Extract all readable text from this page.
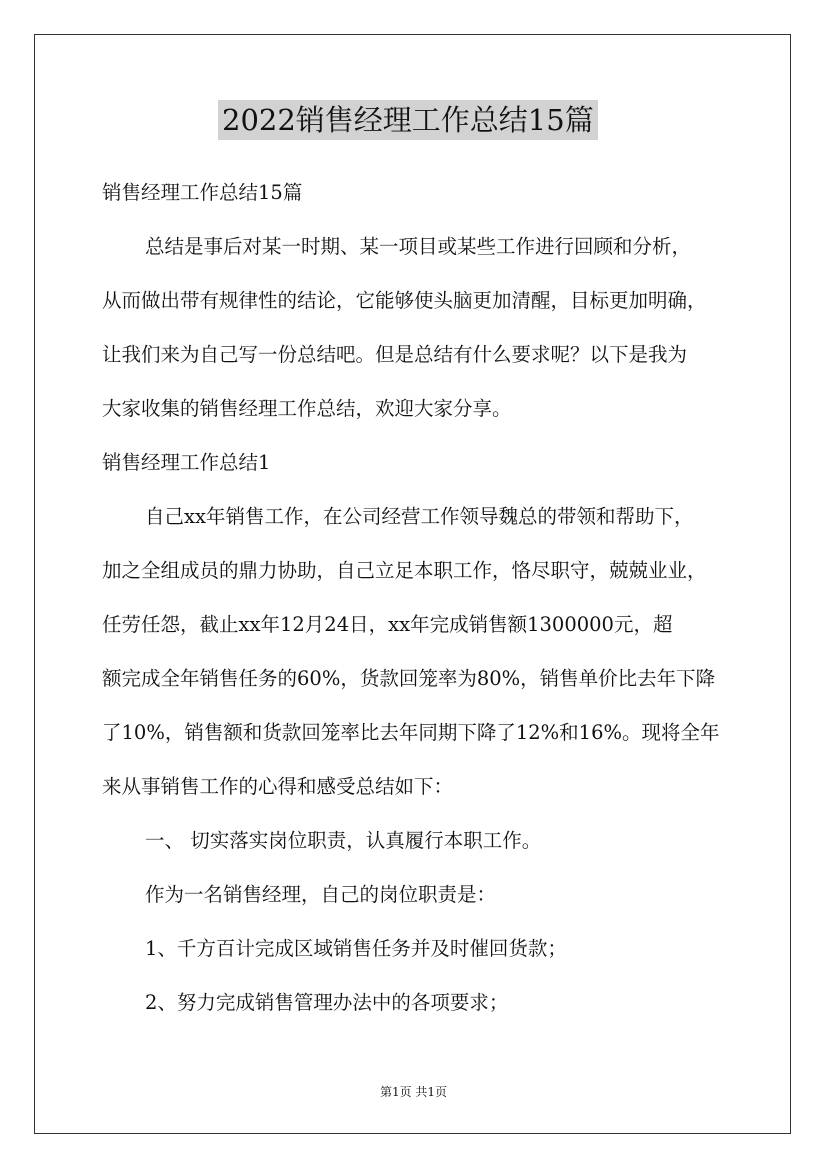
2022销售经理工作总结15篇
销售经理工作总结15篇
总结是事后对某一时期、某一项目或某些工作进行回顾和分析，
从而做出带有规律性的结论，它能够使头脑更加清醒，目标更加明确，
让我们来为自己写一份总结吧。但是总结有什么要求呢？以下是我为
大家收集的销售经理工作总结，欢迎大家分享。
销售经理工作总结1
自己xx年销售工作，在公司经营工作领导魏总的带领和帮助下，
加之全组成员的鼎力协助，自己立足本职工作，恪尽职守，兢兢业业，
任劳任怨，截止xx年12月24日，xx年完成销售额1300000元，超
额完成全年销售任务的60%，货款回笼率为80%，销售单价比去年下降
了10%，销售额和货款回笼率比去年同期下降了12%和16%。现将全年
来从事销售工作的心得和感受总结如下：
一、 切实落实岗位职责，认真履行本职工作。
作为一名销售经理，自己的岗位职责是：
1、千方百计完成区域销售任务并及时催回货款；
2、努力完成销售管理办法中的各项要求；
第1页 共1页
